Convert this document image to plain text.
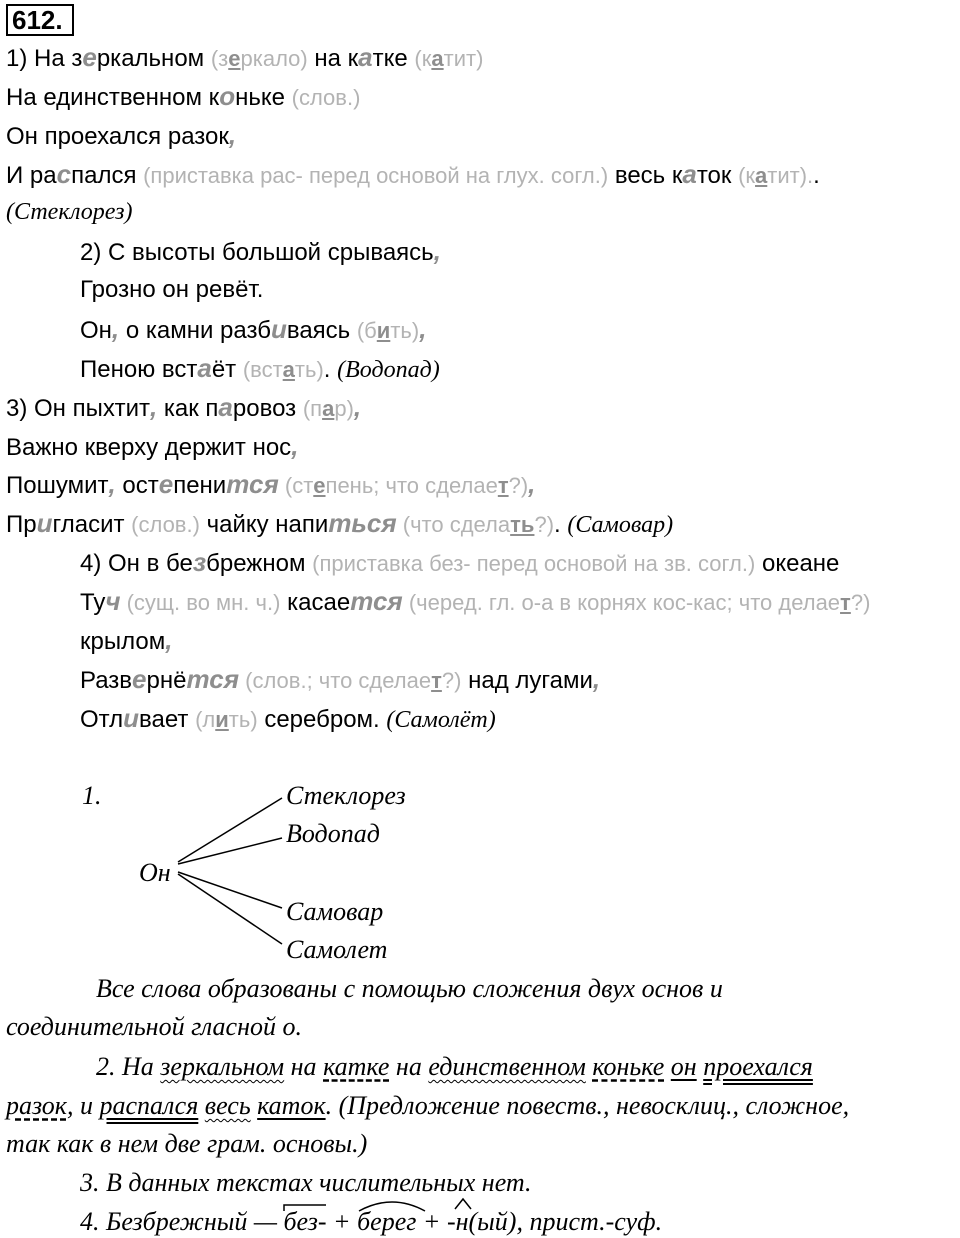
612.
1) На зеркальном (зеркало) на катке (катит)
На единственном коньке (слов.)
Он проехался разок,
И распался (приставка рас- перед основой на глух. согл.) весь каток (катит)..
(Стеклорез)
2) С высоты большой срываясь,
Грозно он ревёт.
Он, о камни разбиваясь (бить),
Пеною встаёт (встать). (Водопад)
3) Он пыхтит, как паровоз (пар),
Важно кверху держит нос,
Пошумит, остепенится (степень; что сделает?),
Пригласит (слов.) чайку напиться (что сделать?). (Самовар)
4) Он в безбрежном (приставка без- перед основой на зв. согл.) океане
Туч (сущ. во мн. ч.) касается (черед. гл. о-а в корнях кос-кас; что делает?)
крылом,
Развернётся (слов.; что сделает?) над лугами,
Отливает (лить) серебром. (Самолёт)
1.
Он
Стеклорез
Водопад
Самовар
Самолет
Все слова образованы с помощью сложения двух основ и
соединительной гласной о.
2. На зеркальном на катке на единственном коньке он проехался
разок, и распался весь каток. (Предложение повеств., невосклиц., сложное,
так как в нем две грам. основы.)
3. В данных текстах числительных нет.
4. Безбрежный — без
- + берег
+ -н
(ый), прист.-суф.
